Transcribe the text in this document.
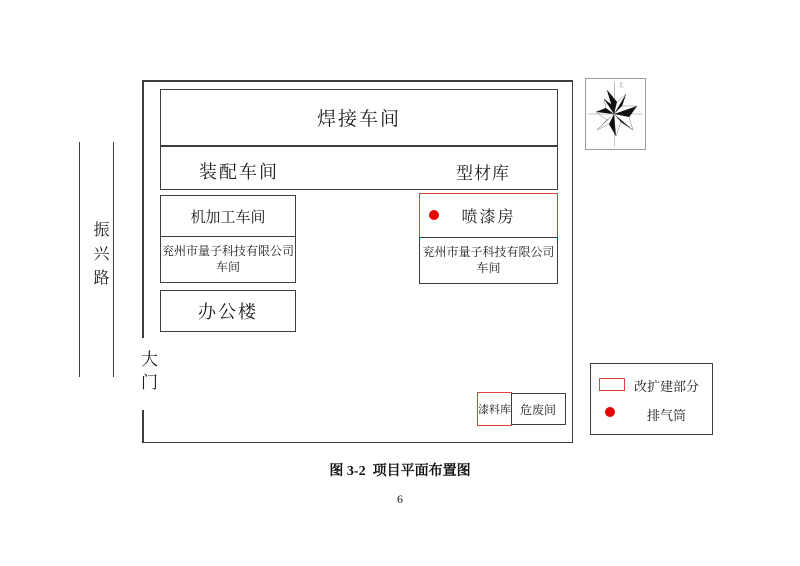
振兴路
大门
焊接车间
装配车间	型材库
机加工车间
兖州市量子科技有限公司
车间
办公楼
喷漆房
兖州市量子科技有限公司
车间
漆料库 危废间
北
改扩建部分
排气筒
图 3-2  项目平面布置图
6
